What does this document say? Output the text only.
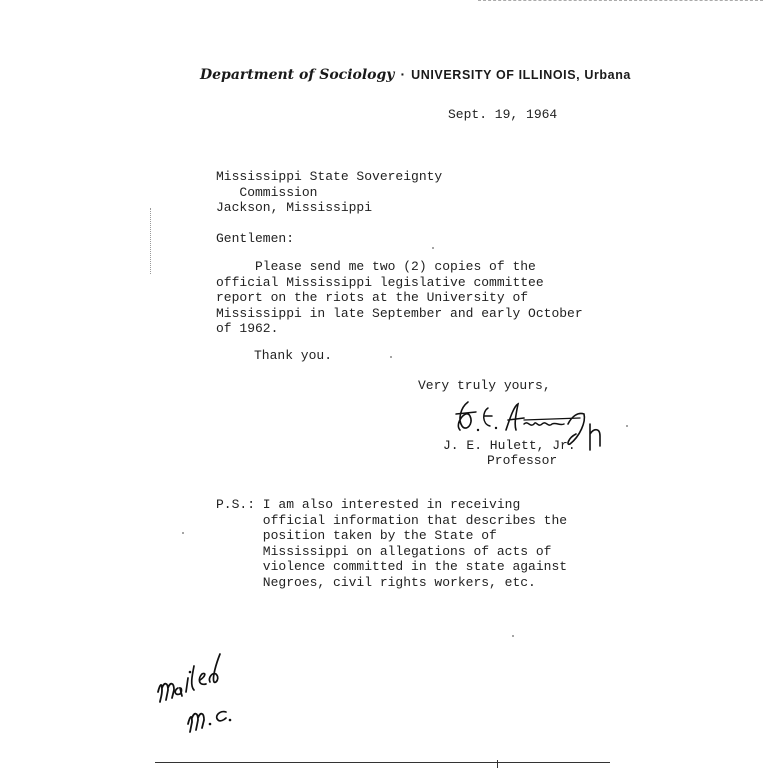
Department of Sociology · UNIVERSITY OF ILLINOIS, Urbana
Sept. 19, 1964
Mississippi State Sovereignty
Commission
Jackson, Mississippi
Gentlemen:
Please send me two (2) copies of the
official Mississippi legislative committee
report on the riots at the University of
Mississippi in late September and early October
of 1962.
Thank you.
Very truly yours,
J. E. Hulett, Jr.
Professor
P.S.: I am also interested in receiving
official information that describes the
position taken by the State of
Mississippi on allegations of acts of
violence committed in the state against
Negroes, civil rights workers, etc.
